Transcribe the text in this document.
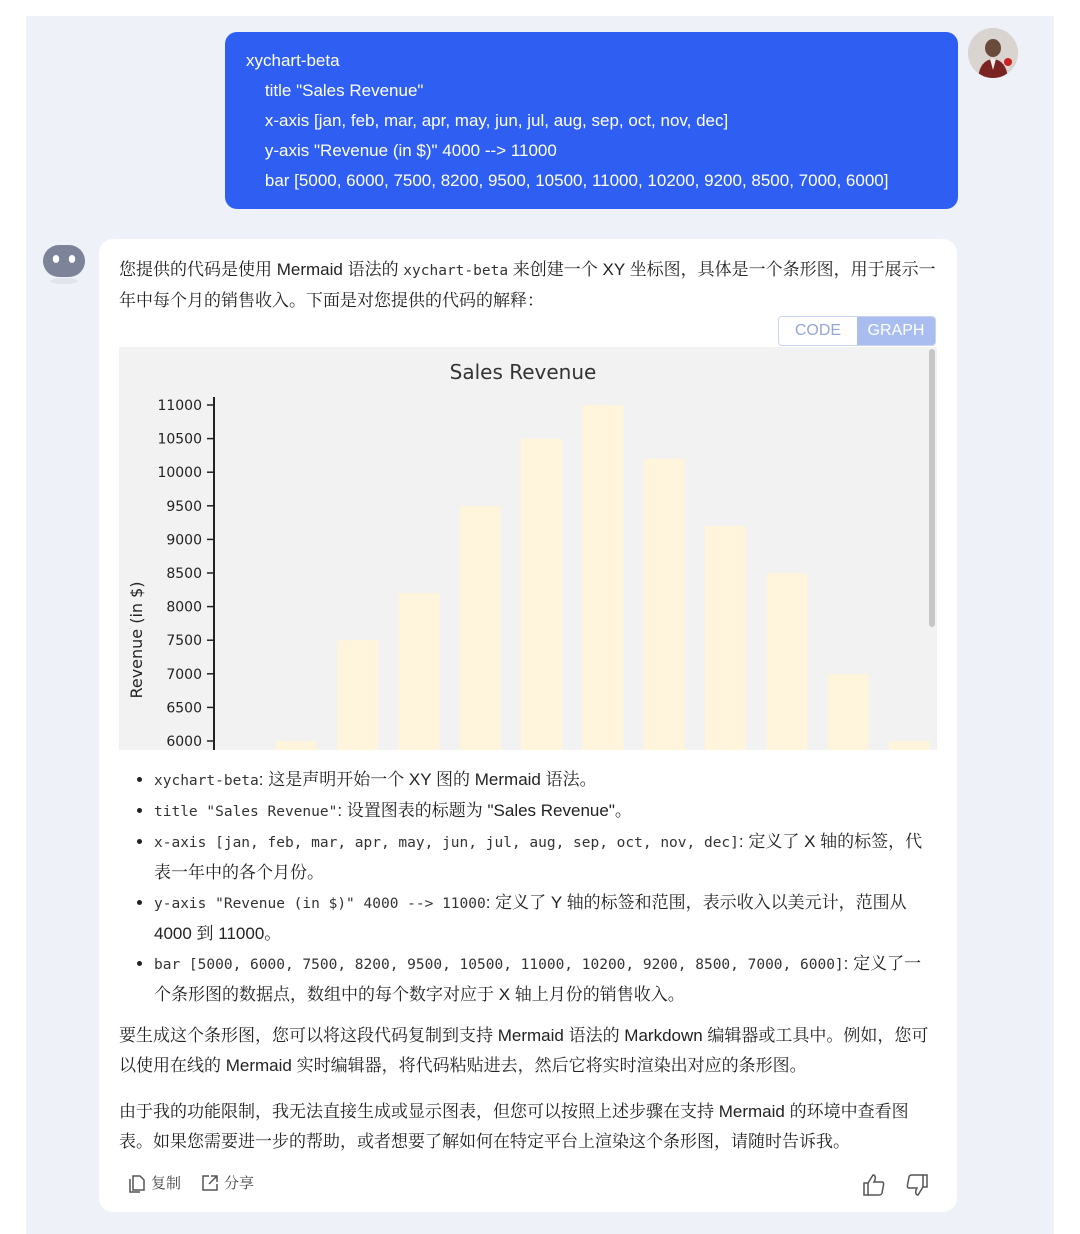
xychart-beta
title "Sales Revenue"
x-axis [jan, feb, mar, apr, may, jun, jul, aug, sep, oct, nov, dec]
y-axis "Revenue (in $)" 4000 --> 11000
bar [5000, 6000, 7500, 8200, 9500, 10500, 11000, 10200, 9200, 8500, 7000, 6000]
您提供的代码是使用 Mermaid 语法的 xychart-beta 来创建一个 XY 坐标图，具体是一个条形图，用于展示一年中每个月的销售收入。下面是对您提供的代码的解释：
CODE	GRAPH
Sales Revenue
Revenue (in $)
11000
10500
10000
9500
9000
8500
8000
7500
7000
6500
6000
• xychart-beta: 这是声明开始一个 XY 图的 Mermaid 语法。
• title "Sales Revenue": 设置图表的标题为 "Sales Revenue"。
• x-axis [jan, feb, mar, apr, may, jun, jul, aug, sep, oct, nov, dec]: 定义了 X 轴的标签，代表一年中的各个月份。
• y-axis "Revenue (in $)" 4000 --> 11000: 定义了 Y 轴的标签和范围，表示收入以美元计，范围从 4000 到 11000。
• bar [5000, 6000, 7500, 8200, 9500, 10500, 11000, 10200, 9200, 8500, 7000, 6000]: 定义了一个条形图的数据点，数组中的每个数字对应于 X 轴上月份的销售收入。
要生成这个条形图，您可以将这段代码复制到支持 Mermaid 语法的 Markdown 编辑器或工具中。例如，您可以使用在线的 Mermaid 实时编辑器，将代码粘贴进去，然后它将实时渲染出对应的条形图。
由于我的功能限制，我无法直接生成或显示图表，但您可以按照上述步骤在支持 Mermaid 的环境中查看图表。如果您需要进一步的帮助，或者想要了解如何在特定平台上渲染这个条形图，请随时告诉我。
复制	分享
